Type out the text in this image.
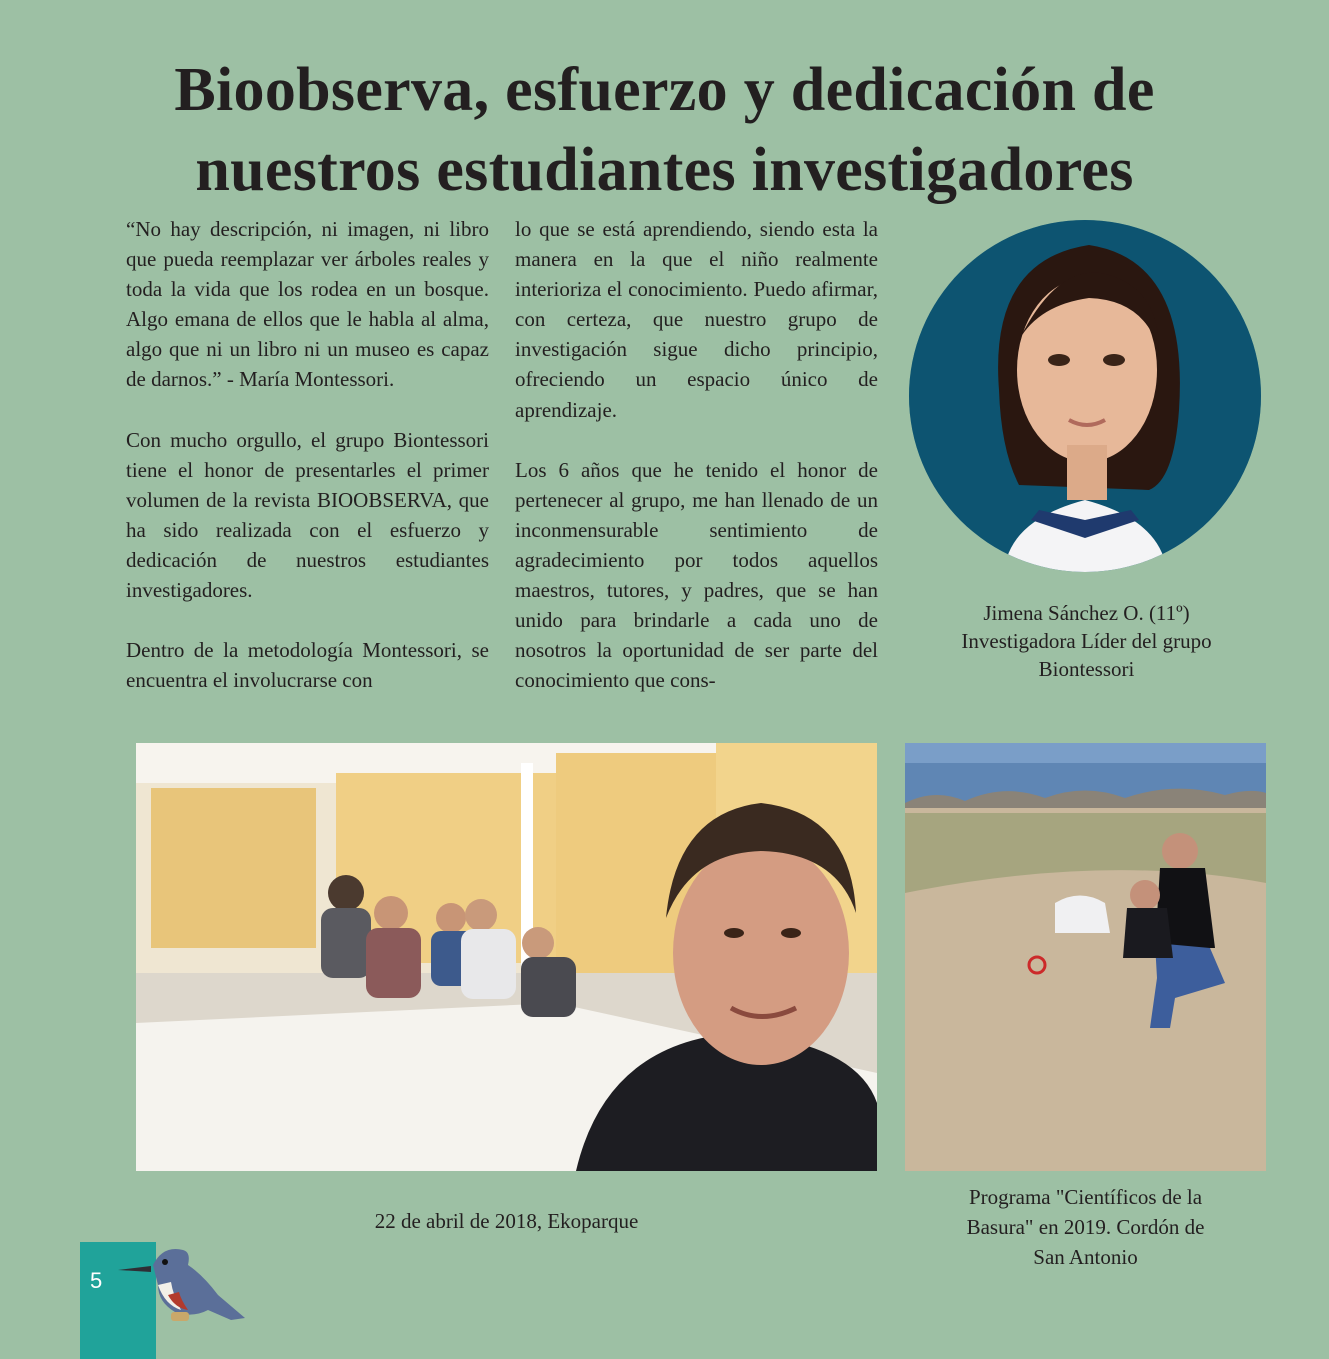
Bioobserva, esfuerzo y dedicación de
nuestros estudiantes investigadores

“No hay descripción, ni imagen, ni libro que pueda reemplazar ver árboles reales y toda la vida que los rodea en un bosque. Algo emana de ellos que le habla al alma, algo que ni un libro ni un museo es capaz de darnos.” - María Montessori.

Con mucho orgullo, el grupo Biontessori tiene el honor de presentarles el primer volumen de la revista BIOOBSERVA, que ha sido realizada con el esfuerzo y dedicación de nuestros estudiantes investigadores.

Dentro de la metodología Montessori, se encuentra el involucrarse con

lo que se está aprendiendo, siendo esta la manera en la que el niño realmente interioriza el conocimiento. Puedo afirmar, con certeza, que nuestro grupo de investigación sigue dicho principio, ofreciendo un espacio único de aprendizaje.

Los 6 años que he tenido el honor de pertenecer al grupo, me han llenado de un inconmensurable sentimiento de agradecimiento por todos aquellos maestros, tutores, y padres, que se han unido para brindarle a cada uno de nosotros la oportunidad de ser parte del conocimiento que cons-

Jimena Sánchez O. (11º)
Investigadora Líder del grupo
Biontessori
22 de abril de 2018, Ekoparque
Programa "Científicos de la
Basura" en 2019. Cordón de
San Antonio
5
